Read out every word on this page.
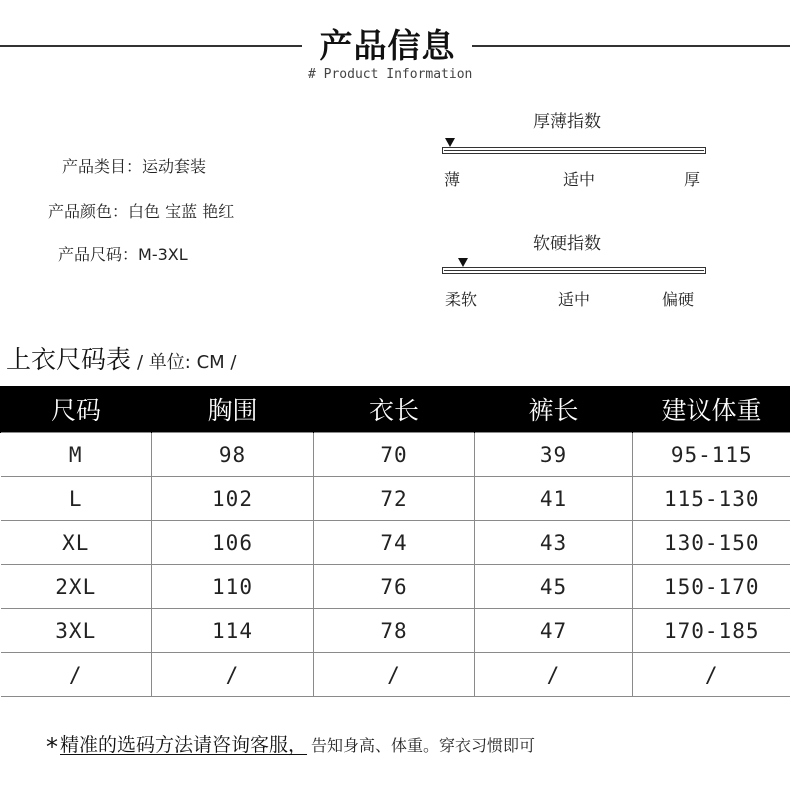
产品信息
# Product Information
产品类目：运动套装
产品颜色：白色 宝蓝 艳红
产品尺码：M-3XL
厚薄指数
薄	适中	厚
软硬指数
柔软	适中	偏硬
上衣尺码表 / 单位: CM /
尺码	胸围	衣长	裤长	建议体重
M	98	70	39	95-115
L	102	72	41	115-130
XL	106	74	43	130-150
2XL	110	76	45	150-170
3XL	114	78	47	170-185
/	/	/	/	/
* 精准的选码方法请咨询客服， 告知身高、体重。穿衣习惯即可
